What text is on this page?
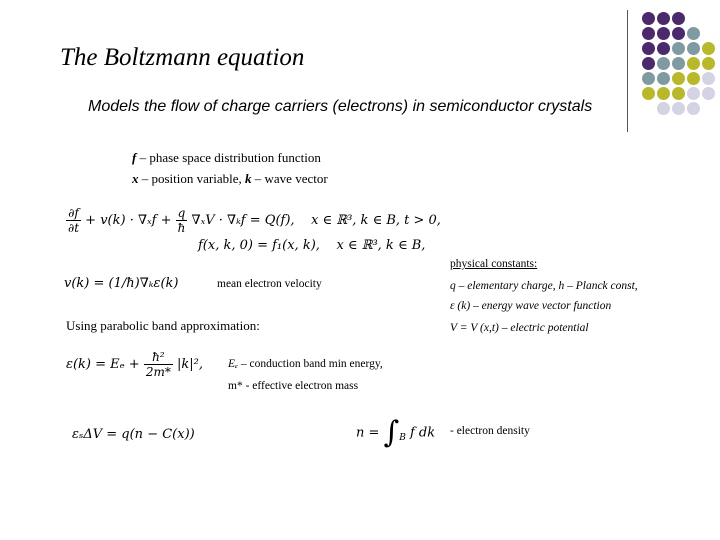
The Boltzmann equation
Models the flow of charge carriers (electrons) in semiconductor crystals
f – phase space distribution function
x – position variable, k – wave vector
$\frac{\partial f}{\partial t} + v(k) \cdot \nabla_xf + \frac{q}{ħ} \nabla_xV \cdot \nabla_kf = Q(f)$, x ∈ ℝ³, k ∈ B, t > 0,
f(x, k, 0) = f₁(x, k), x ∈ ℝ³, k ∈ B,
physical constants:
v(k) = (1/ħ)∇ₖε(k)	mean electron velocity	q – elementary charge, h – Planck const,
ε (k) – energy wave vector function
Using parabolic band approximation:	V = V (x,t) – electric potential
$\varepsilon(k) = E_e + \frac{\text{ħ²}}{2m*} |k|^2$, Eₑ – conduction band min energy,
m* - effective electron mass
εₛΔV = q(n − C(x))	$n = \int_B$ f dk - electron density
